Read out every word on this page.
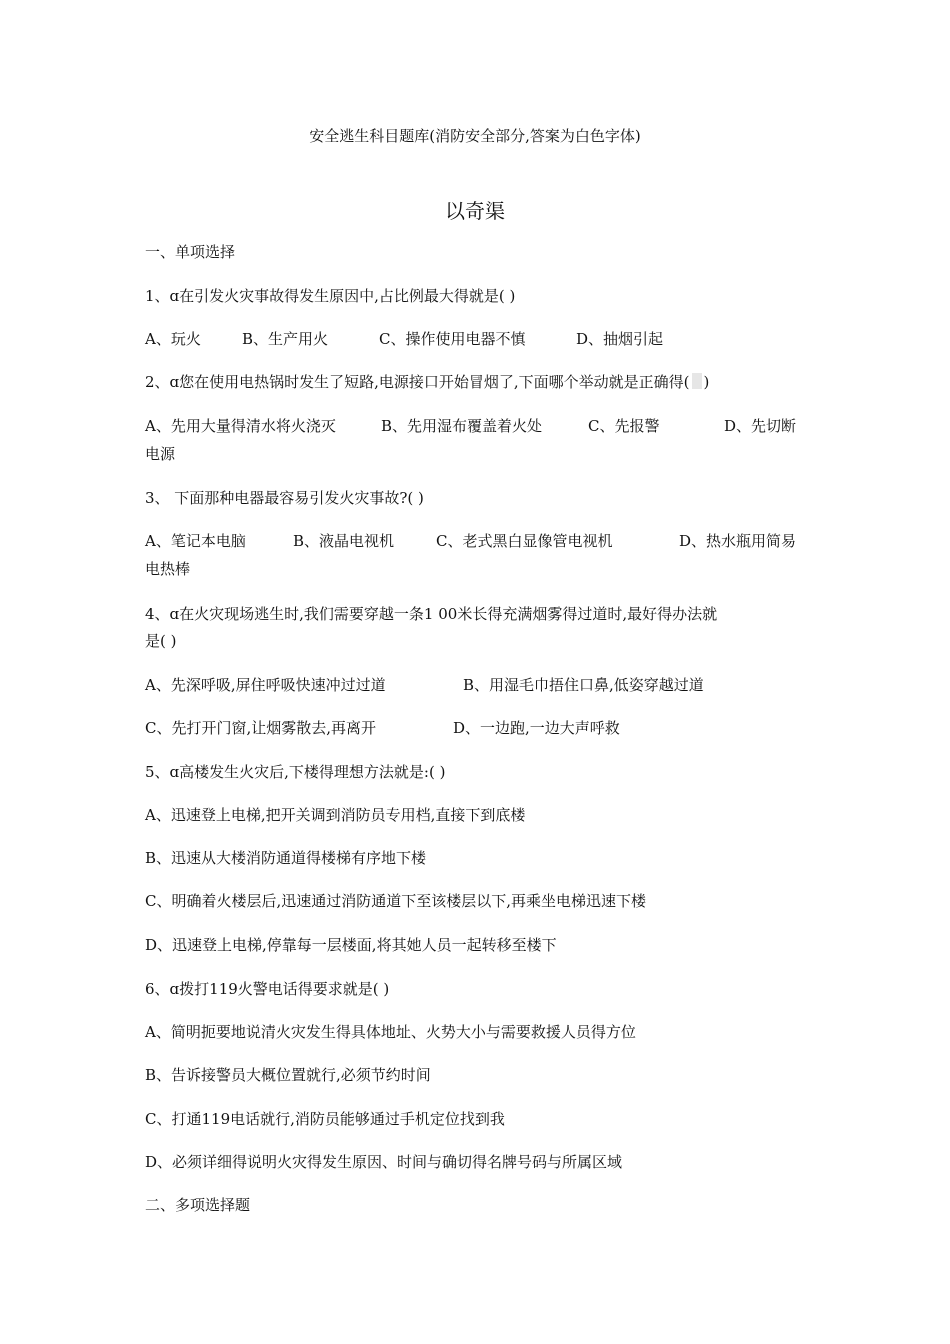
安全逃生科目题库(消防安全部分,答案为白色字体)
以奇渠
一、单项选择
1、ɑ在引发火灾事故得发生原因中,占比例最大得就是( )
A、玩火	B、生产用火	C、操作使用电器不慎	D、抽烟引起
2、ɑ您在使用电热锅时发生了短路,电源接口开始冒烟了,下面哪个举动就是正确得( )
A、先用大量得清水将火浇灭	B、先用湿布覆盖着火处	C、先报警	D、先切断
电源
3、 下面那种电器最容易引发火灾事故?( )
A、笔记本电脑	B、液晶电视机	C、老式黑白显像管电视机	D、热水瓶用简易
电热棒
4、ɑ在火灾现场逃生时,我们需要穿越一条1 00米长得充满烟雾得过道时,最好得办法就
是( )
A、先深呼吸,屏住呼吸快速冲过过道	B、用湿毛巾捂住口鼻,低姿穿越过道
C、先打开门窗,让烟雾散去,再离开	D、一边跑,一边大声呼救
5、ɑ高楼发生火灾后,下楼得理想方法就是:( )
A、迅速登上电梯,把开关调到消防员专用档,直接下到底楼
B、迅速从大楼消防通道得楼梯有序地下楼
C、明确着火楼层后,迅速通过消防通道下至该楼层以下,再乘坐电梯迅速下楼
D、迅速登上电梯,停靠每一层楼面,将其她人员一起转移至楼下
6、ɑ拨打119火警电话得要求就是( )
A、简明扼要地说清火灾发生得具体地址、火势大小与需要救援人员得方位
B、告诉接警员大概位置就行,必须节约时间
C、打通119电话就行,消防员能够通过手机定位找到我
D、必须详细得说明火灾得发生原因、时间与确切得名牌号码与所属区域
二、多项选择题
